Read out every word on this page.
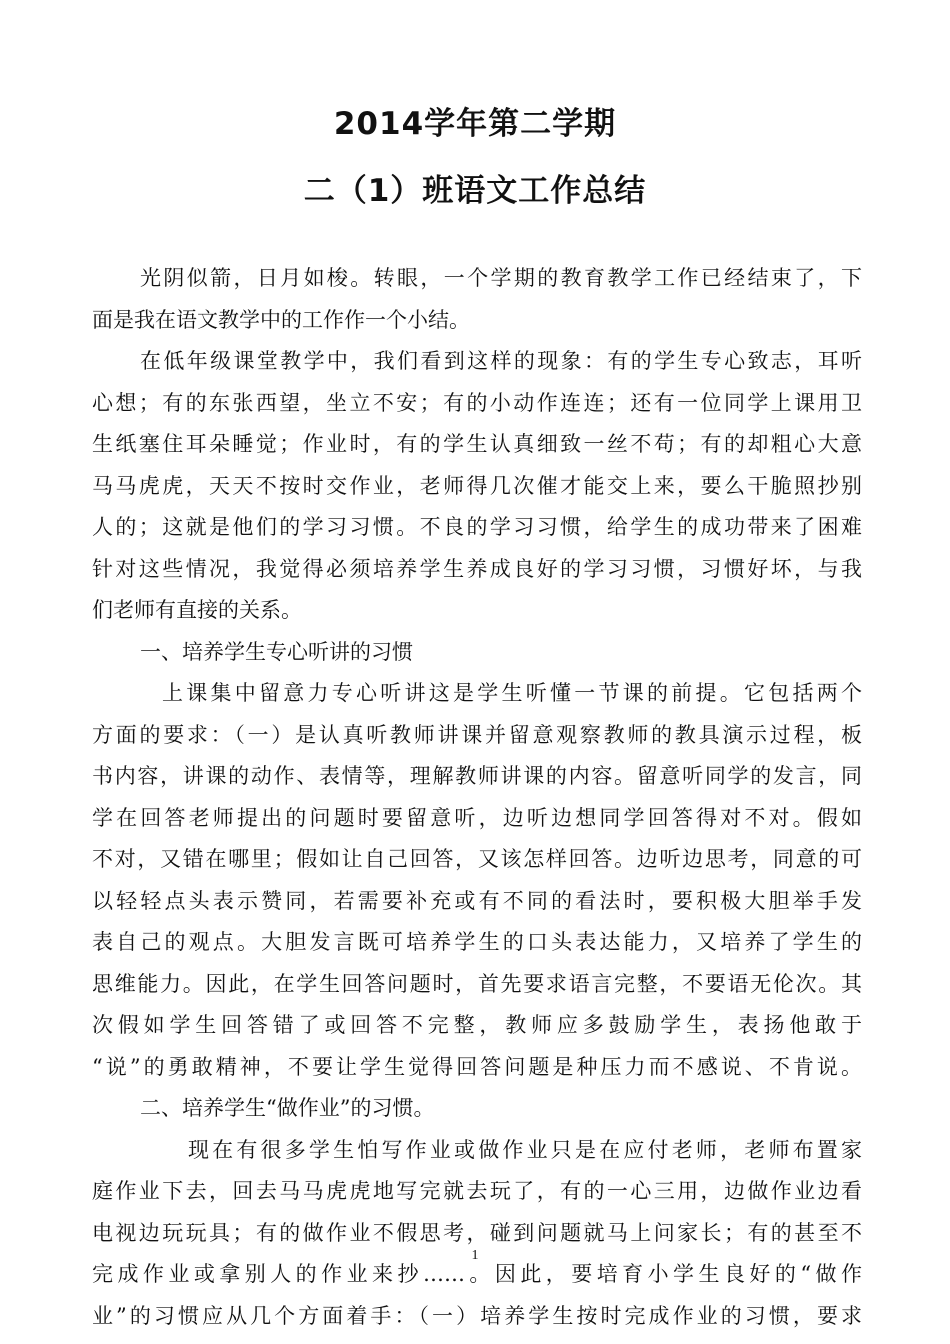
2014学年第二学期
二（1）班语文工作总结
光阴似箭，日月如梭。转眼，一个学期的教育教学工作已经结束了，下
面是我在语文教学中的工作作一个小结。
在低年级课堂教学中，我们看到这样的现象：有的学生专心致志，耳听
心想；有的东张西望，坐立不安；有的小动作连连；还有一位同学上课用卫
生纸塞住耳朵睡觉；作业时，有的学生认真细致一丝不苟；有的却粗心大意
马马虎虎，天天不按时交作业，老师得几次催才能交上来，要么干脆照抄别
人的；这就是他们的学习习惯。不良的学习习惯，给学生的成功带来了困难
针对这些情况，我觉得必须培养学生养成良好的学习习惯，习惯好坏，与我
们老师有直接的关系。
一、培养学生专心听讲的习惯
上课集中留意力专心听讲这是学生听懂一节课的前提。它包括两个
方面的要求：（一）是认真听教师讲课并留意观察教师的教具演示过程，板
书内容，讲课的动作、表情等，理解教师讲课的内容。留意听同学的发言，同
学在回答老师提出的问题时要留意听，边听边想同学回答得对不对。假如
不对，又错在哪里；假如让自己回答，又该怎样回答。边听边思考，同意的可
以轻轻点头表示赞同，若需要补充或有不同的看法时，要积极大胆举手发
表自己的观点。大胆发言既可培养学生的口头表达能力，又培养了学生的
思维能力。因此，在学生回答问题时，首先要求语言完整，不要语无伦次。其
次假如学生回答错了或回答不完整，教师应多鼓励学生，表扬他敢于
“说”的勇敢精神，不要让学生觉得回答问题是种压力而不感说、不肯说。
二、培养学生“做作业”的习惯。
现在有很多学生怕写作业或做作业只是在应付老师，老师布置家
庭作业下去，回去马马虎虎地写完就去玩了，有的一心三用，边做作业边看
电视边玩玩具；有的做作业不假思考，碰到问题就马上问家长；有的甚至不
完成作业或拿别人的作业来抄……。因此，要培育小学生良好的“做作
业”的习惯应从几个方面着手：（一）培养学生按时完成作业的习惯，要求
1
